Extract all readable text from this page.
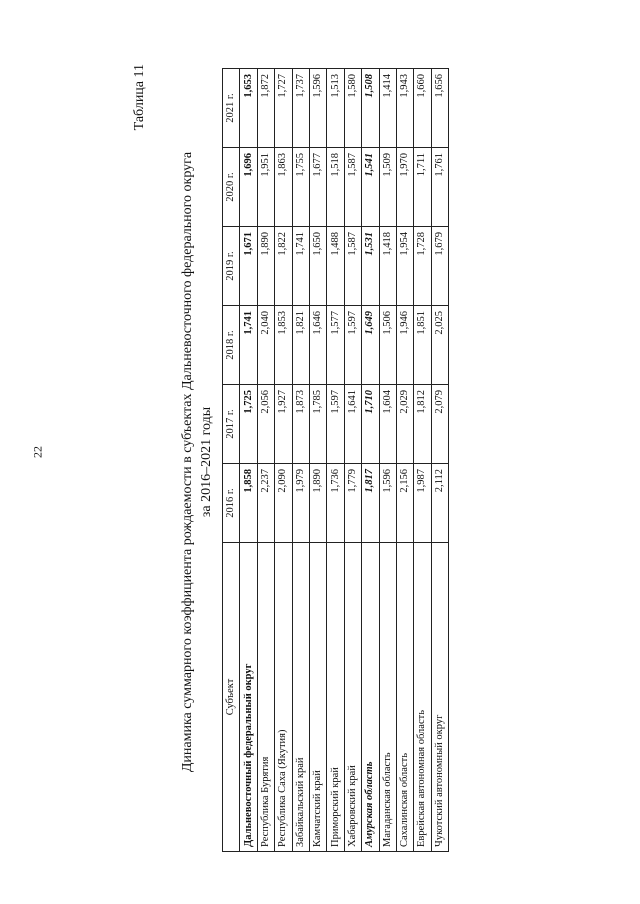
22
Таблица 11
Динамика суммарного коэффициента рождаемости в субъектах Дальневосточного федерального округа за 2016–2021 годы
Субъект	2016 г.	2017 г.	2018 г.	2019 г.	2020 г.	2021 г.
Дальневосточный федеральный округ	1,858	1,725	1,741	1,671	1,696	1,653
Республика Бурятия	2,237	2,056	2,040	1,890	1,951	1,872
Республика Саха (Якутия)	2,090	1,927	1,853	1,822	1,863	1,727
Забайкальский край	1,979	1,873	1,821	1,741	1,755	1,737
Камчатский край	1,890	1,785	1,646	1,650	1,677	1,596
Приморский край	1,736	1,597	1,577	1,488	1,518	1,513
Хабаровский край	1,779	1,641	1,597	1,587	1,587	1,580
Амурская область	1,817	1,710	1,649	1,531	1,541	1,508
Магаданская область	1,596	1,604	1,506	1,418	1,509	1,414
Сахалинская область	2,156	2,029	1,946	1,954	1,970	1,943
Еврейская автономная область	1,987	1,812	1,851	1,728	1,711	1,660
Чукотский автономный округ	2,112	2,079	2,025	1,679	1,761	1,656
